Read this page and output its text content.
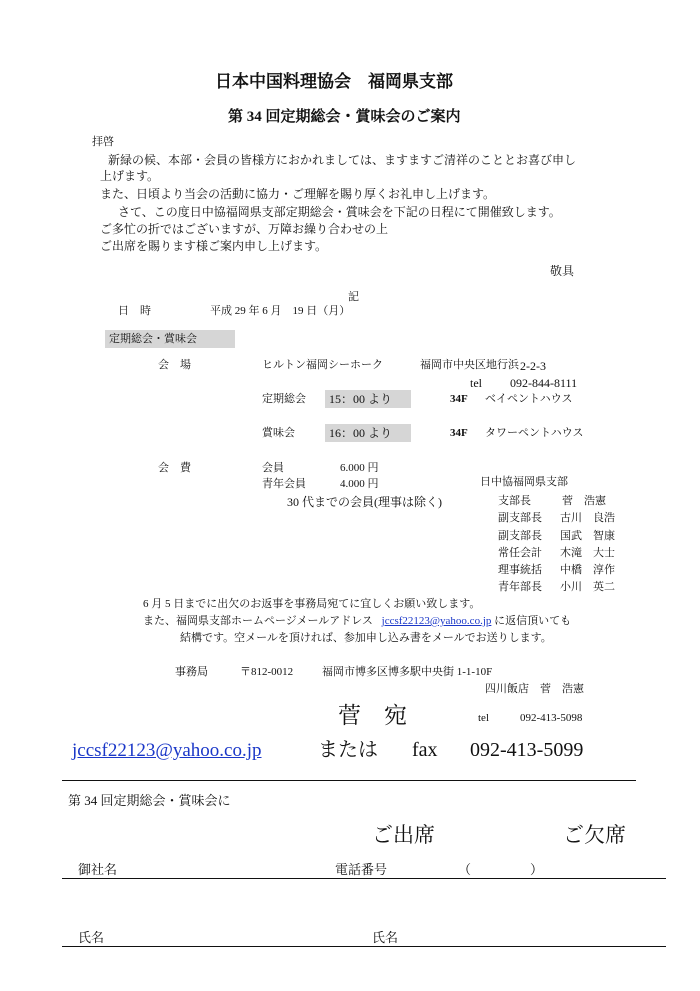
日本中国料理協会　福岡県支部
第 34 回定期総会・賞味会のご案内
拝啓
新緑の候、本部・会員の皆様方におかれましては、ますますご清祥のこととお喜び申し
上げます。
また、日頃より当会の活動に協力・ご理解を賜り厚くお礼申し上げます。
さて、この度日中協福岡県支部定期総会・賞味会を下記の日程にて開催致します。
ご多忙の折ではございますが、万障お繰り合わせの上
ご出席を賜ります様ご案内申し上げます。
敬具
記
日　時	平成 29 年 6 月　19 日（月）
定期総会・賞味会
会　場	ヒルトン福岡シーホーク	福岡市中央区地行浜 2-2-3
tel 092-844-8111
定期総会	15：00 より	34F ベイペントハウス
賞味会	16：00 より	34F タワーペントハウス
会　費	会員	6.000 円
青年会員	4.000 円
30 代までの会員(理事は除く)
日中協福岡県支部
支部長	菅　浩憲
副支部長 古川　良浩
副支部長 国武　智康
常任会計 木滝　大士
理事統括 中橋　淳作
青年部長 小川　英二
6 月 5 日までに出欠のお返事を事務局宛てに宜しくお願い致します。
また、福岡県支部ホームページメールアドレス jccsf22123@yahoo.co.jp に返信頂いても
結構です。空メールを頂ければ、参加申し込み書をメールでお送りします。
事務局	〒812-0012	福岡市博多区博多駅中央街 1-1-10F
四川飯店　菅　浩憲
菅　宛	tel	092-413-5098
jccsf22123@yahoo.co.jp	または fax 092-413-5099
第 34 回定期総会・賞味会に
ご出席	ご欠席
御社名	電話番号	（	）
氏名	氏名
